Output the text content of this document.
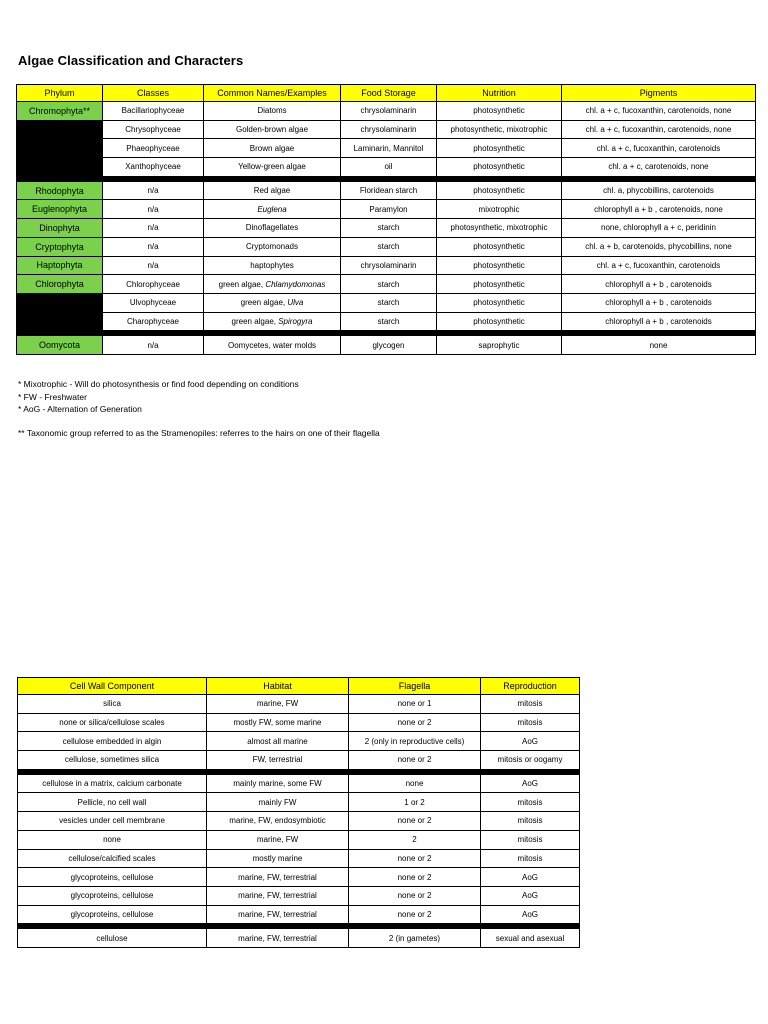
Algae Classification and Characters
Phylum	Classes	Common Names/Examples	Food Storage	Nutrition	Pigments
Chromophyta**	Bacillariophyceae	Diatoms	chrysolaminarin	photosynthetic	chl. a + c, fucoxanthin, carotenoids, none
	Chrysophyceae	Golden-brown algae	chrysolaminarin	photosynthetic, mixotrophic	chl. a + c, fucoxanthin, carotenoids, none
	Phaeophyceae	Brown algae	Laminarin, Mannitol	photosynthetic	chl. a + c, fucoxanthin, carotenoids
	Xanthophyceae	Yellow-green algae	oil	photosynthetic	chl. a + c, carotenoids, none

Rhodophyta	n/a	Red algae	Floridean starch	photosynthetic	chl. a, phycobillins, carotenoids
Euglenophyta	n/a	Euglena	Paramylon	mixotrophic	chlorophyll a + b , carotenoids, none
Dinophyta	n/a	Dinoflagellates	starch	photosynthetic, mixotrophic	none, chlorophyll a + c, peridinin
Cryptophyta	n/a	Cryptomonads	starch	photosynthetic	chl. a + b, carotenoids, phycobillins, none
Haptophyta	n/a	haptophytes	chrysolaminarin	photosynthetic	chl. a + c, fucoxanthin, carotenoids
Chlorophyta	Chlorophyceae	green algae, Chlamydomonas	starch	photosynthetic	chlorophyll a + b , carotenoids
	Ulvophyceae	green algae, Ulva	starch	photosynthetic	chlorophyll a + b , carotenoids
	Charophyceae	green algae, Spirogyra	starch	photosynthetic	chlorophyll a + b , carotenoids

Oomycota	n/a	Oomycetes, water molds	glycogen	saprophytic	none
* Mixotrophic - Will do photosynthesis or find food depending on conditions
* FW - Freshwater
* AoG - Alternation of Generation
** Taxonomic group referred to as the Stramenopiles: referres to the hairs on one of their flagella
Cell Wall Component	Habitat	Flagella	Reproduction
silica	marine, FW	none or 1	mitosis
none or silica/cellulose scales	mostly FW, some marine	none or 2	mitosis
cellulose embedded in algin	almost all marine	2 (only in reproductive cells)	AoG
cellulose, sometimes silica	FW, terrestrial	none or 2	mitosis or oogamy

cellulose in a matrix, calcium carbonate	mainly marine, some FW	none	AoG
Pellicle, no cell wall	mainly FW	1 or 2	mitosis
vesicles under cell membrane	marine, FW, endosymbiotic	none or 2	mitosis
none	marine, FW	2	mitosis
cellulose/calcified scales	mostly marine	none or 2	mitosis
glycoproteins, cellulose	marine, FW, terrestrial	none or 2	AoG
glycoproteins, cellulose	marine, FW, terrestrial	none or 2	AoG
glycoproteins, cellulose	marine, FW, terrestrial	none or 2	AoG

cellulose	marine, FW, terrestrial	2 (in gametes)	sexual and asexual
